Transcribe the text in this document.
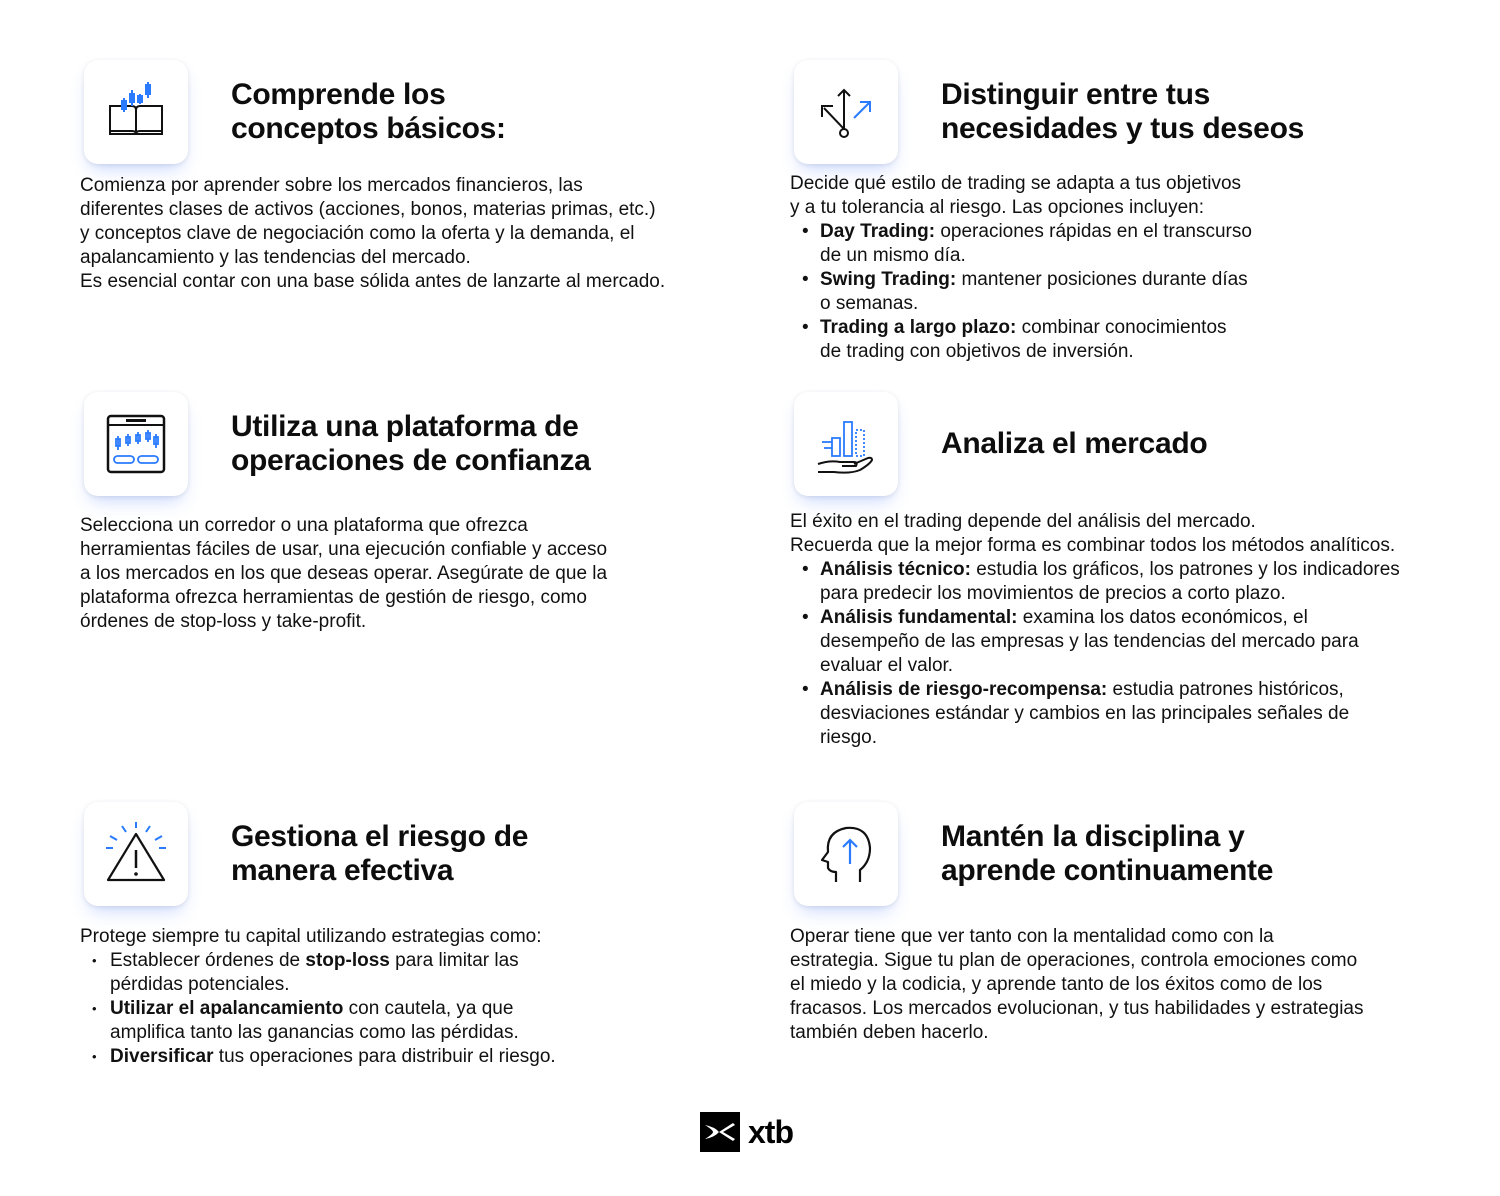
Comprende los
conceptos básicos:

Comienza por aprender sobre los mercados financieros, las

diferentes clases de activos (acciones, bonos, materias primas, etc.)

y conceptos clave de negociación como la oferta y la demanda, el

apalancamiento y las tendencias del mercado.

Es esencial contar con una base sólida antes de lanzarte al mercado.

Distinguir entre tus
necesidades y tus deseos

Decide qué estilo de trading se adapta a tus objetivos

y a tu tolerancia al riesgo. Las opciones incluyen:

• Day Trading: operaciones rápidas en el transcurso
de un mismo día.
• Swing Trading: mantener posiciones durante días
o semanas.
• Trading a largo plazo: combinar conocimientos
de trading con objetivos de inversión.
Utiliza una plataforma de
operaciones de confianza

Selecciona un corredor o una plataforma que ofrezca

herramientas fáciles de usar, una ejecución confiable y acceso

a los mercados en los que deseas operar. Asegúrate de que la

plataforma ofrezca herramientas de gestión de riesgo, como

órdenes de stop-loss y take-profit.

Analiza el mercado

El éxito en el trading depende del análisis del mercado.

Recuerda que la mejor forma es combinar todos los métodos analíticos.

• Análisis técnico: estudia los gráficos, los patrones y los indicadores
para predecir los movimientos de precios a corto plazo.
• Análisis fundamental: examina los datos económicos, el
desempeño de las empresas y las tendencias del mercado para
evaluar el valor.
• Análisis de riesgo-recompensa: estudia patrones históricos,
desviaciones estándar y cambios en las principales señales de
riesgo.
Gestiona el riesgo de
manera efectiva

Protege siempre tu capital utilizando estrategias como:

• Establecer órdenes de stop-loss para limitar las
pérdidas potenciales.
• Utilizar el apalancamiento con cautela, ya que
amplifica tanto las ganancias como las pérdidas.
• Diversificar tus operaciones para distribuir el riesgo.
Mantén la disciplina y
aprende continuamente

Operar tiene que ver tanto con la mentalidad como con la

estrategia. Sigue tu plan de operaciones, controla emociones como

el miedo y la codicia, y aprende tanto de los éxitos como de los

fracasos. Los mercados evolucionan, y tus habilidades y estrategias

también deben hacerlo.

xtb
